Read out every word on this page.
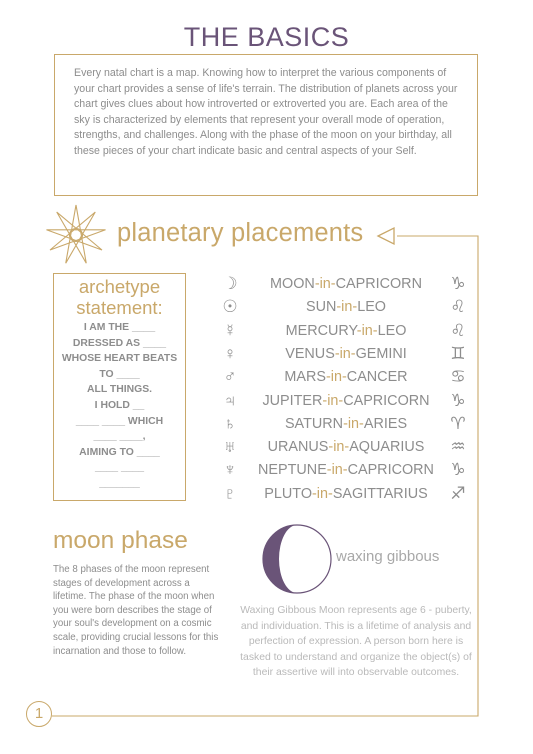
THE BASICS
Every natal chart is a map. Knowing how to interpret the various components of your chart provides a sense of life's terrain. The distribution of planets across your chart gives clues about how introverted or extroverted you are. Each area of the sky is characterized by elements that represent your overall mode of operation, strengths, and challenges. Along with the phase of the moon on your birthday, all these pieces of your chart indicate basic and central aspects of your Self.
planetary placements
archetype statement:
I AM THE ____
DRESSED AS ____
WHOSE HEART BEATS
TO ____
ALL THINGS.
I HOLD __
____ ____ WHICH
____ ____,
AIMING TO ____
____ ____
_______
☽	MOON-in-CAPRICORN	♑
☉	SUN-in-LEO	♌
☿	MERCURY-in-LEO	♌
♀	VENUS-in-GEMINI	♊
♂	MARS-in-CANCER	♋
♃	JUPITER-in-CAPRICORN	♑
♄	SATURN-in-ARIES	♈
♅	URANUS-in-AQUARIUS	♒
♆	NEPTUNE-in-CAPRICORN ♑
♇	PLUTO-in-SAGITTARIUS	♐
moon phase
The 8 phases of the moon represent stages of development across a lifetime. The phase of the moon when you were born describes the stage of your soul's development on a cosmic scale, providing crucial lessons for this incarnation and those to follow.
waxing gibbous
Waxing Gibbous Moon represents age 6 - puberty, and individuation. This is a lifetime of analysis and perfection of expression. A person born here is tasked to understand and organize the object(s) of their assertive will into observable outcomes.
1
